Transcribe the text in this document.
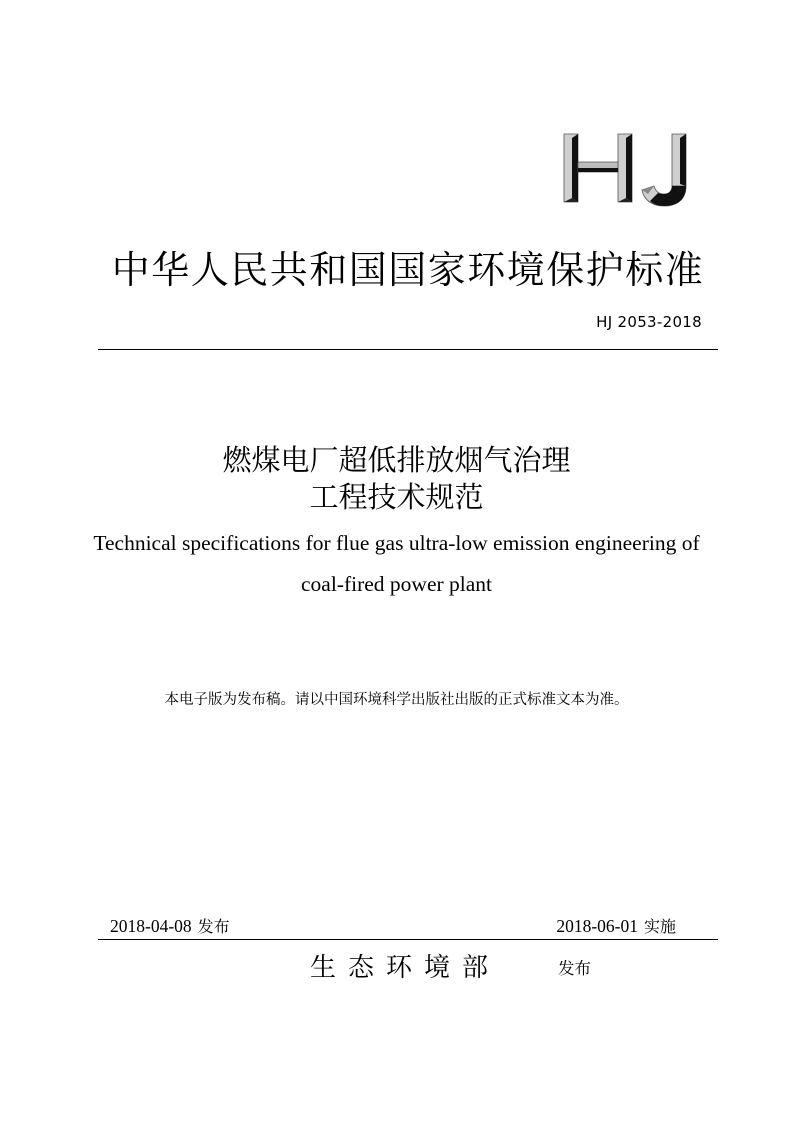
中华人民共和国国家环境保护标准
HJ 2053-2018
燃煤电厂超低排放烟气治理
工程技术规范
Technical specifications for flue gas ultra-low emission engineering of
coal-fired power plant
本电子版为发布稿。请以中国环境科学出版社出版的正式标准文本为准。
2018-04-08 发布	2018-06-01 实施
生态环境部	发布
